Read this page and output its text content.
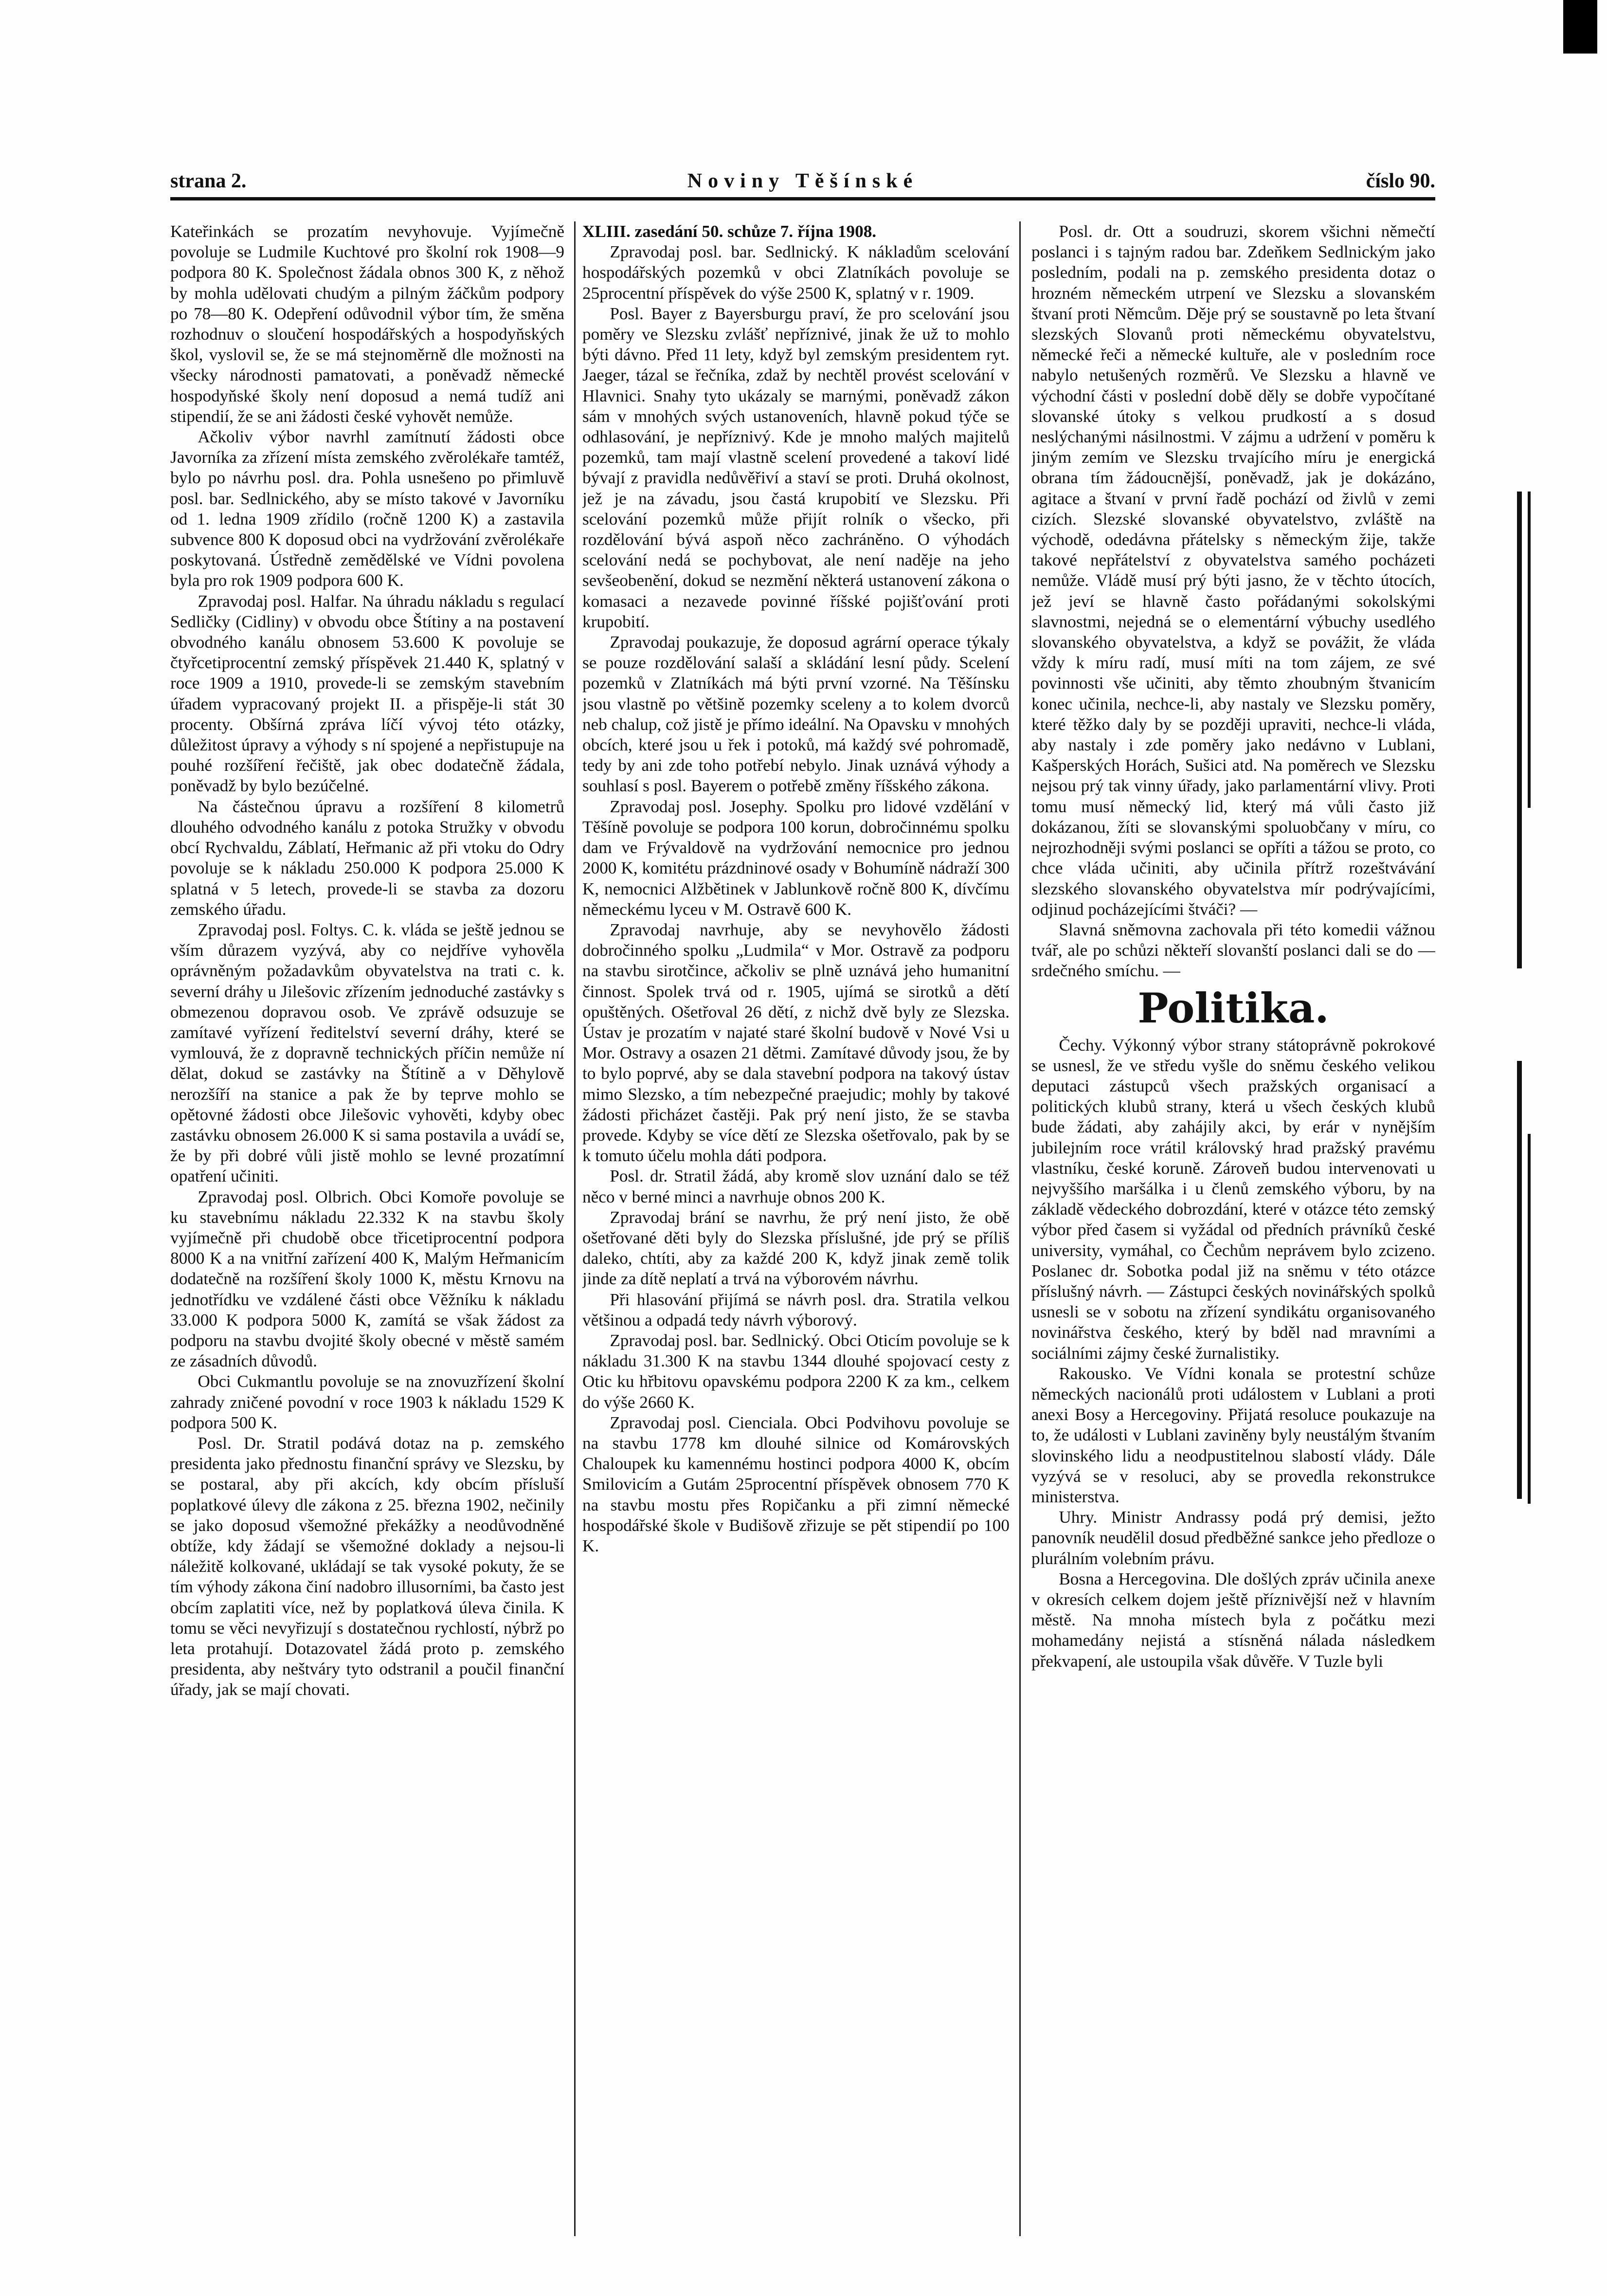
strana 2.	Noviny Těšínské	číslo 90.

Kateřinkách se prozatím nevyhovuje. Vyjímečně povoluje se Ludmile Kuchtové pro školní rok 1908—9 podpora 80 K. Společnost žádala obnos 300 K, z něhož by mohla udělovati chudým a pilným žáčkům podpory po 78—80 K. Odepření odůvodnil výbor tím, že směna rozhodnuv o sloučení hospodářských a hospodyňských škol, vyslovil se, že se má stejnoměrně dle možnosti na všecky národnosti pamatovati, a poněvadž německé hospodyňské školy není doposud a nemá tudíž ani stipendií, že se ani žádosti české vyhovět nemůže.

Ačkoliv výbor navrhl zamítnutí žádosti obce Javorníka za zřízení místa zemského zvěrolékaře tamtéž, bylo po návrhu posl. dra. Pohla usnešeno po přimluvě posl. bar. Sedlnického, aby se místo takové v Javorníku od 1. ledna 1909 zřídilo (ročně 1200 K) a zastavila subvence 800 K doposud obci na vydržování zvěrolékaře poskytovaná. Ústředně zemědělské ve Vídni povolena byla pro rok 1909 podpora 600 K.

Zpravodaj posl. Halfar. Na úhradu nákladu s regulací Sedličky (Cidliny) v obvodu obce Štítiny a na postavení obvodného kanálu obnosem 53.600 K povoluje se čtyřcetiprocentní zemský příspěvek 21.440 K, splatný v roce 1909 a 1910, provede-li se zemským stavebním úřadem vypracovaný projekt II. a přispěje-li stát 30 procenty. Obšírná zpráva líčí vývoj této otázky, důležitost úpravy a výhody s ní spojené a nepřistupuje na pouhé rozšíření řečiště, jak obec dodatečně žádala, poněvadž by bylo bezúčelné.

Na částečnou úpravu a rozšíření 8 kilometrů dlouhého odvodného kanálu z potoka Stružky v obvodu obcí Rychvaldu, Záblatí, Heřmanic až při vtoku do Odry povoluje se k nákladu 250.000 K podpora 25.000 K splatná v 5 letech, provede-li se stavba za dozoru zemského úřadu.

Zpravodaj posl. Foltys. C. k. vláda se ještě jednou se vším důrazem vyzývá, aby co nejdříve vyhověla oprávněným požadavkům obyvatelstva na trati c. k. severní dráhy u Jilešovic zřízením jednoduché zastávky s obmezenou dopravou osob. Ve zprávě odsuzuje se zamítavé vyřízení ředitelství severní dráhy, které se vymlouvá, že z dopravně technických příčin nemůže ní dělat, dokud se zastávky na Štítině a v Děhylově nerozšíří na stanice a pak že by teprve mohlo se opětovné žádosti obce Jilešovic vyhověti, kdyby obec zastávku obnosem 26.000 K si sama postavila a uvádí se, že by při dobré vůli jistě mohlo se levné prozatímní opatření učiniti.

Zpravodaj posl. Olbrich. Obci Komoře povoluje se ku stavebnímu nákladu 22.332 K na stavbu školy vyjímečně při chudobě obce třicetiprocentní podpora 8000 K a na vnitřní zařízení 400 K, Malým Heřmanicím dodatečně na rozšíření školy 1000 K, městu Krnovu na jednotřídku ve vzdálené části obce Věžníku k nákladu 33.000 K podpora 5000 K, zamítá se však žádost za podporu na stavbu dvojité školy obecné v městě samém ze zásadních důvodů.

Obci Cukmantlu povoluje se na znovuzřízení školní zahrady zničené povodní v roce 1903 k nákladu 1529 K podpora 500 K.

Posl. Dr. Stratil podává dotaz na p. zemského presidenta jako přednostu finanční správy ve Slezsku, by se postaral, aby při akcích, kdy obcím přísluší poplatkové úlevy dle zákona z 25. března 1902, nečinily se jako doposud všemožné překážky a neodůvodněné obtíže, kdy žádají se všemožné doklady a nejsou-li náležitě kolkované, ukládají se tak vysoké pokuty, že se tím výhody zákona činí nadobro illusorními, ba často jest obcím zaplatiti více, než by poplatková úleva činila. K tomu se věci nevyřizují s dostatečnou rychlostí, nýbrž po leta protahují. Dotazovatel žádá proto p. zemského presidenta, aby neštváry tyto odstranil a poučil finanční úřady, jak se mají chovati.

XLIII. zasedání 50. schůze 7. října 1908.

Zpravodaj posl. bar. Sedlnický. K nákladům scelování hospodářských pozemků v obci Zlatníkách povoluje se 25procentní příspěvek do výše 2500 K, splatný v r. 1909.

Posl. Bayer z Bayersburgu praví, že pro scelování jsou poměry ve Slezsku zvlášť nepříznivé, jinak že už to mohlo býti dávno. Před 11 lety, když byl zemským presidentem ryt. Jaeger, tázal se řečníka, zdaž by nechtěl provést scelování v Hlavnici. Snahy tyto ukázaly se marnými, poněvadž zákon sám v mnohých svých ustanoveních, hlavně pokud týče se odhlasování, je nepříznivý. Kde je mnoho malých majitelů pozemků, tam mají vlastně scelení provedené a takoví lidé bývají z pravidla nedůvěřiví a staví se proti. Druhá okolnost, jež je na závadu, jsou častá krupobití ve Slezsku. Při scelování pozemků může přijít rolník o všecko, při rozdělování bývá aspoň něco zachráněno. O výhodách scelování nedá se pochybovat, ale není naděje na jeho sevšeobenění, dokud se nezmění některá ustanovení zákona o komasaci a nezavede povinné říšské pojišťování proti krupobití.

Zpravodaj poukazuje, že doposud agrární operace týkaly se pouze rozdělování salaší a skládání lesní půdy. Scelení pozemků v Zlatníkách má býti první vzorné. Na Těšínsku jsou vlastně po většině pozemky sceleny a to kolem dvorců neb chalup, což jistě je přímo ideální. Na Opavsku v mnohých obcích, které jsou u řek i potoků, má každý své pohromadě, tedy by ani zde toho potřebí nebylo. Jinak uznává výhody a souhlasí s posl. Bayerem o potřebě změny říšského zákona.

Zpravodaj posl. Josephy. Spolku pro lidové vzdělání v Těšíně povoluje se podpora 100 korun, dobročinnému spolku dam ve Frývaldově na vydržování nemocnice pro jednou 2000 K, komitétu prázdninové osady v Bohumíně nádraží 300 K, nemocnici Alžbětinek v Jablunkově ročně 800 K, dívčímu německému lyceu v M. Ostravě 600 K.

Zpravodaj navrhuje, aby se nevyhovělo žádosti dobročinného spolku „Ludmila“ v Mor. Ostravě za podporu na stavbu sirotčince, ačkoliv se plně uznává jeho humanitní činnost. Spolek trvá od r. 1905, ujímá se sirotků a dětí opuštěných. Ošetřoval 26 dětí, z nichž dvě byly ze Slezska. Ústav je prozatím v najaté staré školní budově v Nové Vsi u Mor. Ostravy a osazen 21 dětmi. Zamítavé důvody jsou, že by to bylo poprvé, aby se dala stavební podpora na takový ústav mimo Slezsko, a tím nebezpečné praejudic; mohly by takové žádosti přicházet častěji. Pak prý není jisto, že se stavba provede. Kdyby se více dětí ze Slezska ošetřovalo, pak by se k tomuto účelu mohla dáti podpora.

Posl. dr. Stratil žádá, aby kromě slov uznání dalo se též něco v berné minci a navrhuje obnos 200 K.

Zpravodaj brání se navrhu, že prý není jisto, že obě ošetřované děti byly do Slezska příslušné, jde prý se příliš daleko, chtíti, aby za každé 200 K, když jinak země tolik jinde za dítě neplatí a trvá na výborovém návrhu.

Při hlasování přijímá se návrh posl. dra. Stratila velkou většinou a odpadá tedy návrh výborový.

Zpravodaj posl. bar. Sedlnický. Obci Oticím povoluje se k nákladu 31.300 K na stavbu 1344 dlouhé spojovací cesty z Otic ku hřbitovu opavskému podpora 2200 K za km., celkem do výše 2660 K.

Zpravodaj posl. Cienciala. Obci Podvihovu povoluje se na stavbu 1778 km dlouhé silnice od Komárovských Chaloupek ku kamennému hostinci podpora 4000 K, obcím Smilovicím a Gutám 25procentní příspěvek obnosem 770 K na stavbu mostu přes Ropičanku a při zimní německé hospodářské škole v Budišově zřizuje se pět stipendií po 100 K.

Posl. dr. Ott a soudruzi, skorem všichni němečtí poslanci i s tajným radou bar. Zdeňkem Sedlnickým jako posledním, podali na p. zemského presidenta dotaz o hrozném německém utrpení ve Slezsku a slovanském štvaní proti Němcům. Děje prý se soustavně po leta štvaní slezských Slovanů proti německému obyvatelstvu, německé řeči a německé kultuře, ale v posledním roce nabylo netušených rozměrů. Ve Slezsku a hlavně ve východní části v poslední době děly se dobře vypočítané slovanské útoky s velkou prudkostí a s dosud neslýchanými násilnostmi. V zájmu a udržení v poměru k jiným zemím ve Slezsku trvajícího míru je energická obrana tím žádoucnější, poněvadž, jak je dokázáno, agitace a štvaní v první řadě pochází od živlů v zemi cizích. Slezské slovanské obyvatelstvo, zvláště na východě, odedávna přátelsky s německým žije, takže takové nepřátelství z obyvatelstva samého pocházeti nemůže. Vládě musí prý býti jasno, že v těchto útocích, jež jeví se hlavně často pořádanými sokolskými slavnostmi, nejedná se o elementární výbuchy usedlého slovanského obyvatelstva, a když se povážit, že vláda vždy k míru radí, musí míti na tom zájem, ze své povinnosti vše učiniti, aby těmto zhoubným štvanicím konec učinila, nechce-li, aby nastaly ve Slezsku poměry, které těžko daly by se později upraviti, nechce-li vláda, aby nastaly i zde poměry jako nedávno v Lublani, Kašperských Horách, Sušici atd. Na poměrech ve Slezsku nejsou prý tak vinny úřady, jako parlamentární vlivy. Proti tomu musí německý lid, který má vůli často již dokázanou, žíti se slovanskými spoluobčany v míru, co nejrozhodněji svými poslanci se opříti a tážou se proto, co chce vláda učiniti, aby učinila přítrž rozeštvávání slezského slovanského obyvatelstva mír podrývajícími, odjinud pocházejícími štváči? —

Slavná sněmovna zachovala při této komedii vážnou tvář, ale po schůzi někteří slovanští poslanci dali se do — srdečného smíchu. —

Politika.

Čechy. Výkonný výbor strany státoprávně pokrokové se usnesl, že ve středu vyšle do sněmu českého velikou deputaci zástupců všech pražských organisací a politických klubů strany, která u všech českých klubů bude žádati, aby zahájily akci, by erár v nynějším jubilejním roce vrátil královský hrad pražský pravému vlastníku, české koruně. Zároveň budou intervenovati u nejvyššího maršálka i u členů zemského výboru, by na základě vědeckého dobrozdání, které v otázce této zemský výbor před časem si vyžádal od předních právníků české university, vymáhal, co Čechům neprávem bylo zcizeno. Poslanec dr. Sobotka podal již na sněmu v této otázce příslušný návrh. — Zástupci českých novinářských spolků usnesli se v sobotu na zřízení syndikátu organisovaného novinářstva českého, který by bděl nad mravními a sociálními zájmy české žurnalistiky.

Rakousko. Ve Vídni konala se protestní schůze německých nacionálů proti událostem v Lublani a proti anexi Bosy a Hercegoviny. Přijatá resoluce poukazuje na to, že události v Lublani zaviněny byly neustálým štvaním slovinského lidu a neodpustitelnou slabostí vlády. Dále vyzývá se v resoluci, aby se provedla rekonstrukce ministerstva.

Uhry. Ministr Andrassy podá prý demisi, ježto panovník neudělil dosud předběžné sankce jeho předloze o plurálním volebním právu.

Bosna a Hercegovina. Dle došlých zpráv učinila anexe v okresích celkem dojem ještě příznivější než v hlavním městě. Na mnoha místech byla z počátku mezi mohamedány nejistá a stísněná nálada následkem překvapení, ale ustoupila však důvěře. V Tuzle byli
